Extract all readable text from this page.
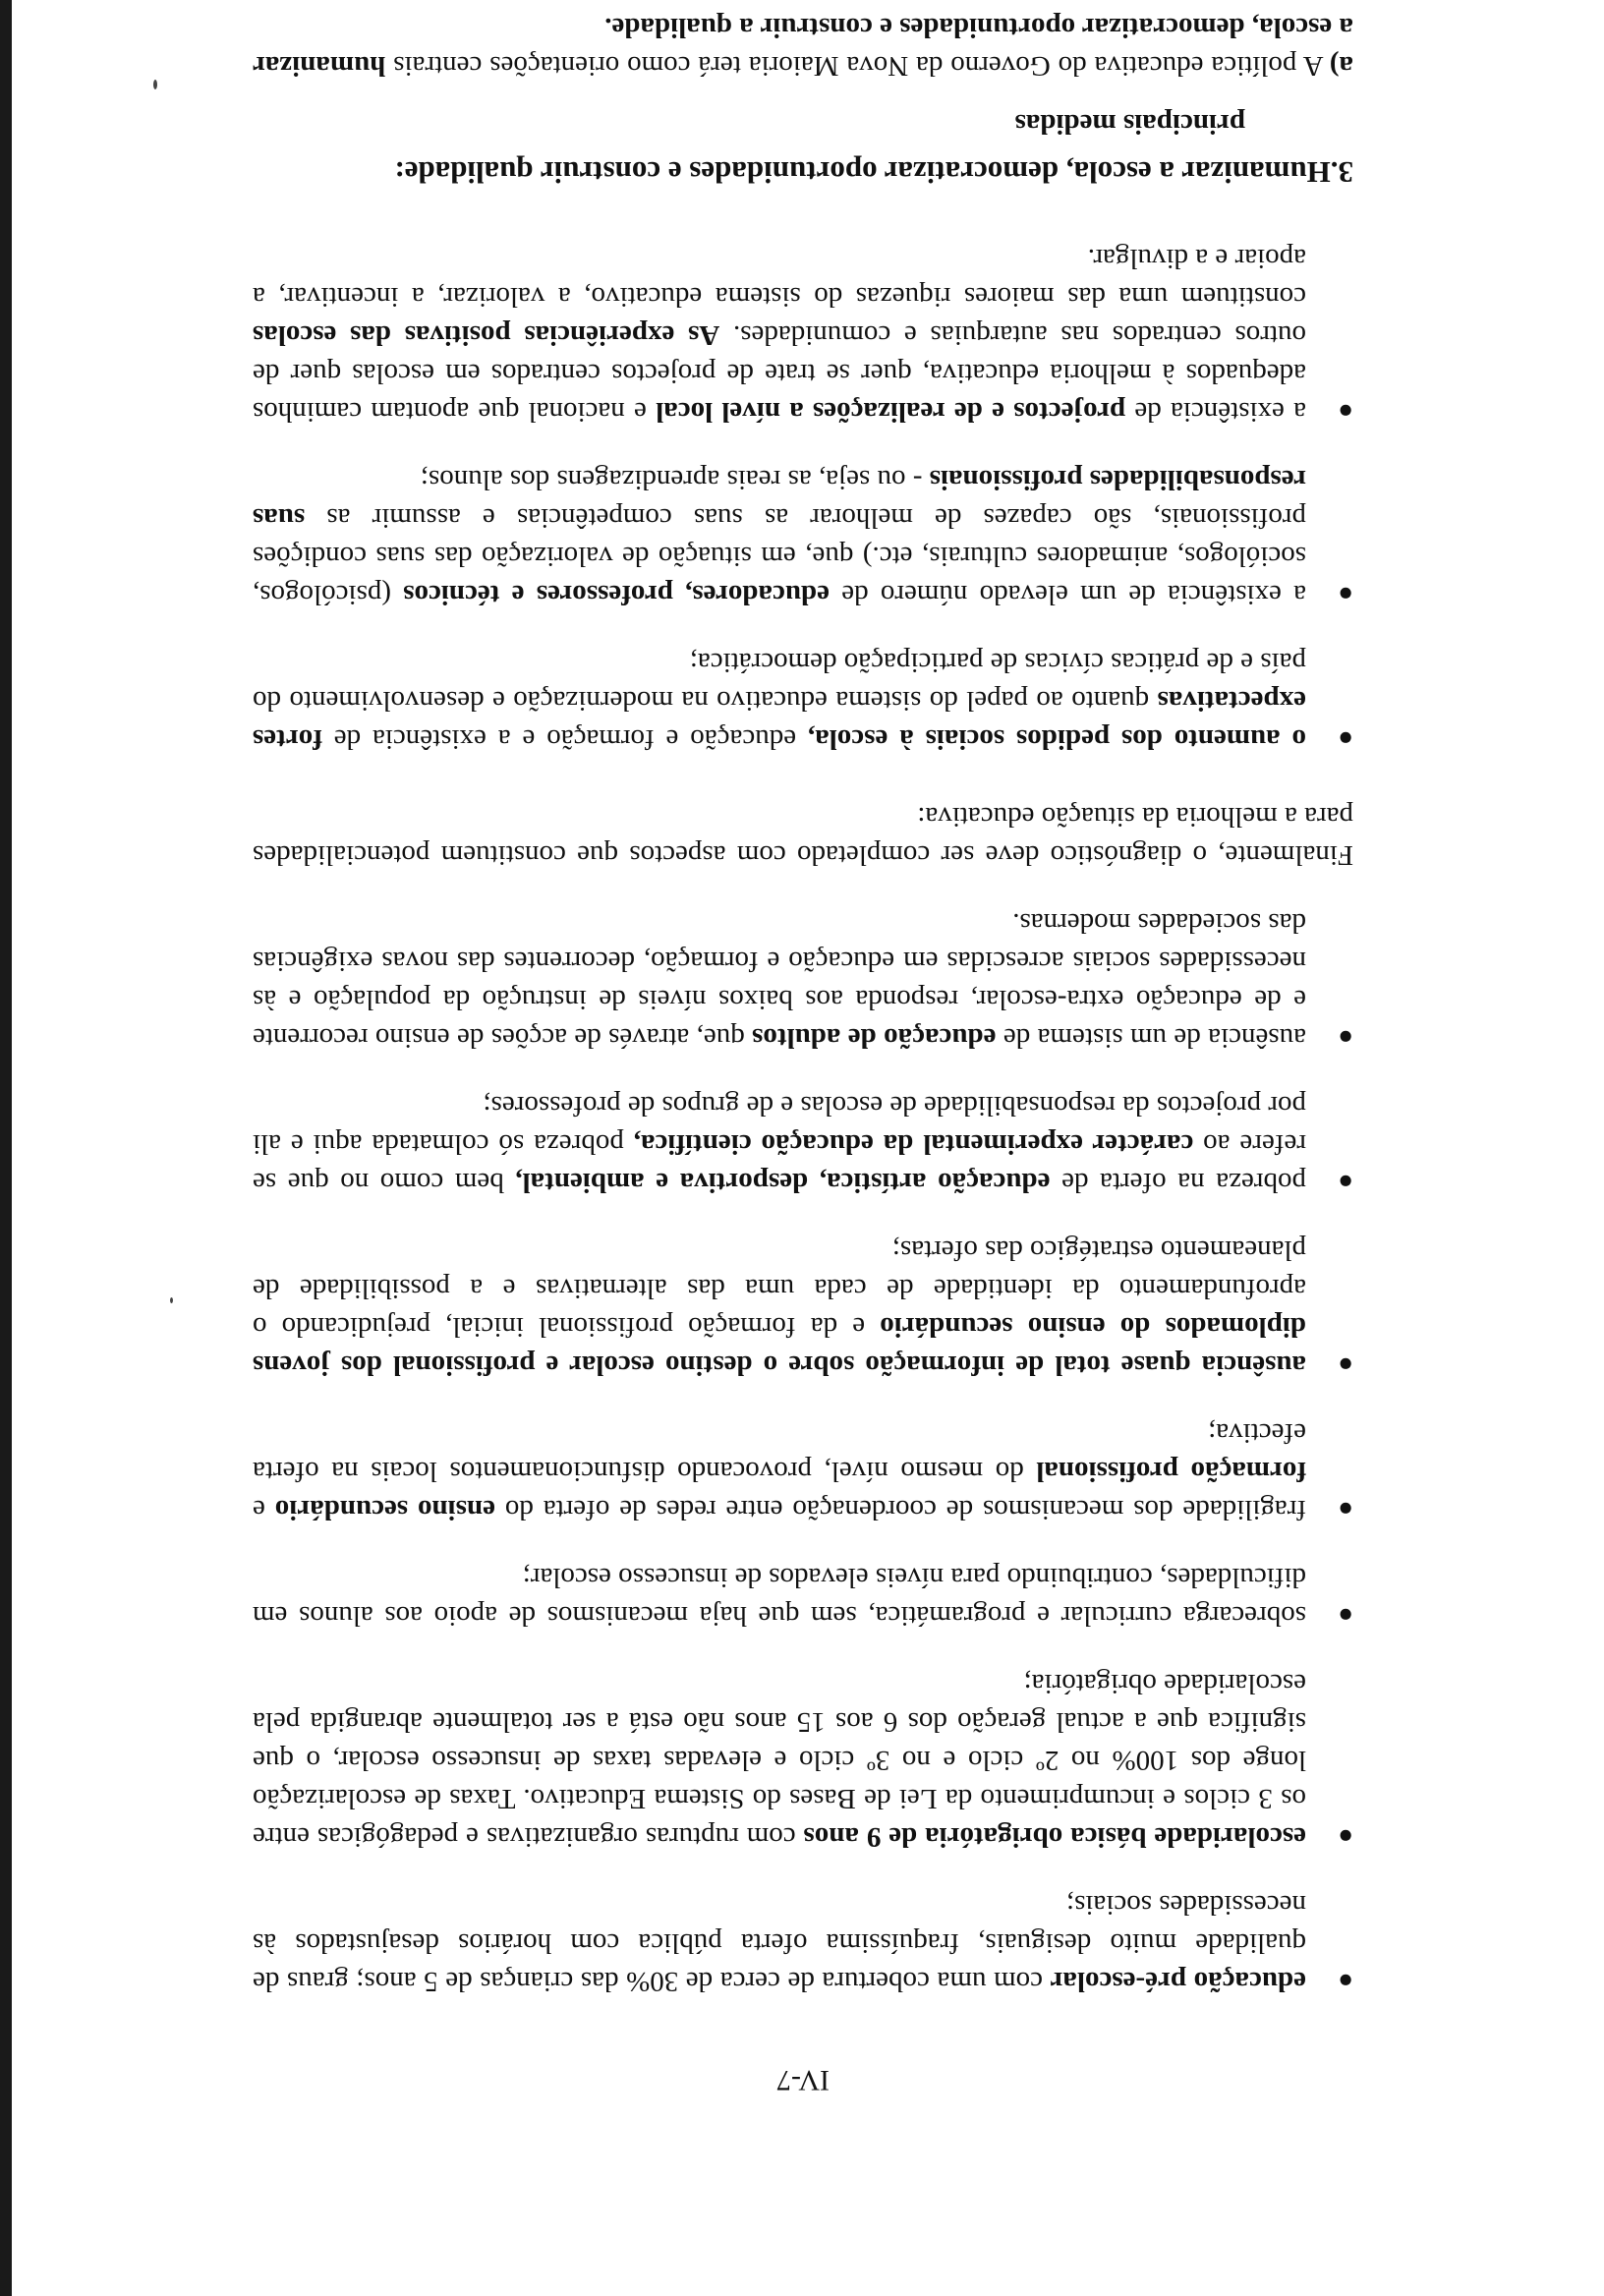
IV-7
●
educação pré-escolar com uma cobertura de cerca de 30% das crianças de 5 anos; graus de qualidade muito desiguais, fraquíssima oferta pública com horários desajustados às necessidades sociais;
●
escolaridade básica obrigatória de 9 anos com rupturas organizativas e pedagógicas entre os 3 ciclos e incumprimento da Lei de Bases do Sistema Educativo. Taxas de escolarização longe dos 100% no 2º ciclo e no 3º ciclo e elevadas taxas de insucesso escolar, o que significa que a actual geração dos 6 aos 15 anos não está a ser totalmente abrangida pela escolaridade obrigatória;
●
sobrecarga curricular e programática, sem que haja mecanismos de apoio aos alunos em dificuldades, contribuindo para níveis elevados de insucesso escolar;
●
fragilidade dos mecanismos de coordenação entre redes de oferta do ensino secundário e formação profissional do mesmo nível, provocando disfuncionamentos locais na oferta efectiva;
●
ausência quase total de informação sobre o destino escolar e profissional dos jovens diplomados do ensino secundário e da formação profissional inicial, prejudicando o aprofundamento da identidade de cada uma das alternativas e a possibilidade de planeamento estratégico das ofertas;
●
pobreza na oferta de educação artística, desportiva e ambiental, bem como no que se refere ao carácter experimental da educação científica, pobreza só colmatada aqui e ali por projectos da responsabilidade de escolas e de grupos de professores;
●
ausência de um sistema de educação de adultos que, através de acções de ensino recorrente e de educação extra-escolar, responda aos baixos níveis de instrução da população e às necessidades sociais acrescidas em educação e formação, decorrentes das novas exigências das sociedades modernas.

Finalmente, o diagnóstico deve ser completado com aspectos que constituem potencialidades para a melhoria da situação educativa:

●
o aumento dos pedidos sociais à escola, educação e formação e a existência de fortes expectativas quanto ao papel do sistema educativo na modernização e desenvolvimento do país e de práticas cívicas de participação democrática;
●
a existência de um elevado número de educadores, professores e técnicos (psicólogos, sociólogos, animadores culturais, etc.) que, em situação de valorização das suas condições profissionais, são capazes de melhorar as suas competências e assumir as suas responsabilidades profissionais - ou seja, as reais aprendizagens dos alunos;
●
a existência de projectos e de realizações a nível local e nacional que apontam caminhos adequados à melhoria educativa, quer se trate de projectos centrados em escolas quer de outros centrados nas autarquias e comunidades. As experiências positivas das escolas constituem uma das maiores riquezas do sistema educativo, a valorizar, a incentivar, a apoiar e a divulgar.
3.Humanizar a escola, democratizar oportunidades e construir qualidade:
principais medidas

a) A política educativa do Governo da Nova Maioria terá como orientações centrais humanizar a escola, democratizar oportunidades e construir a qualidade.
